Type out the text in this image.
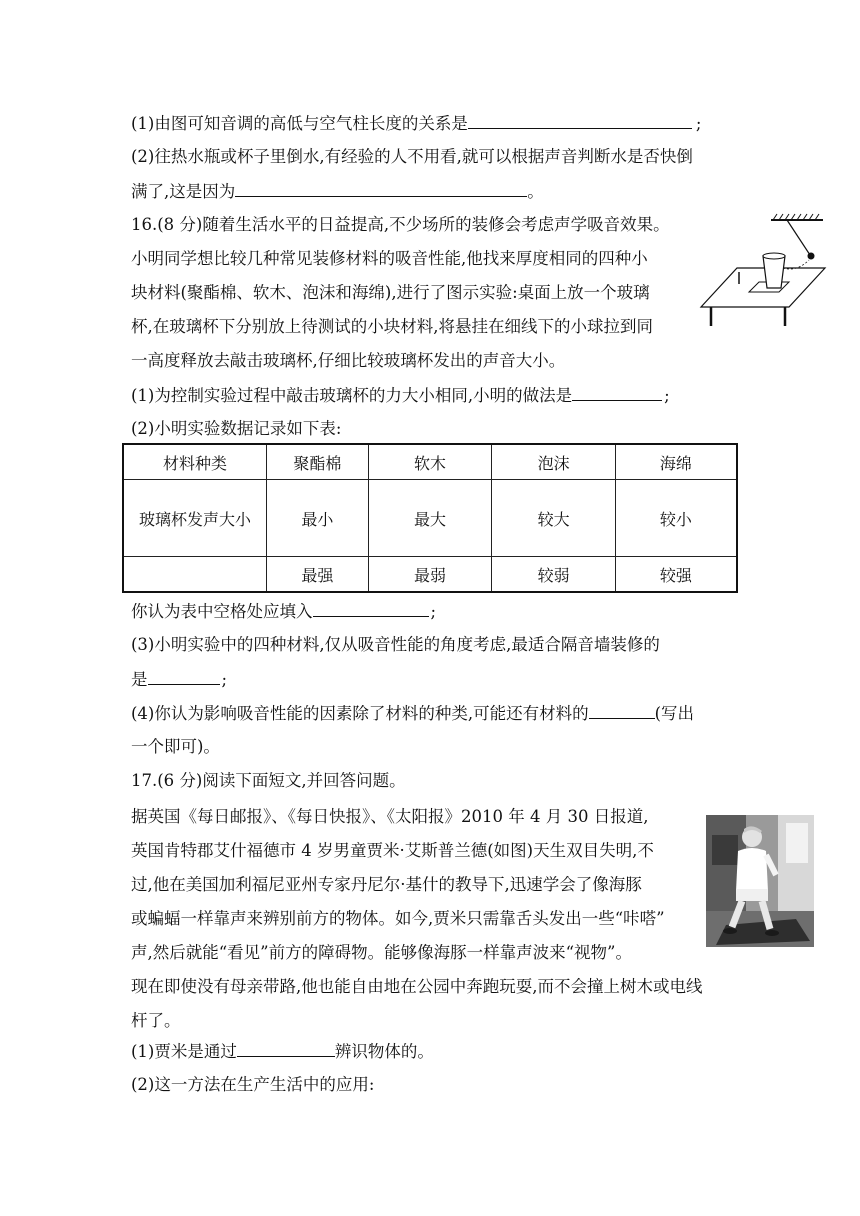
(1)由图可知音调的高低与空气柱长度的关系是	;
(2)往热水瓶或杯子里倒水,有经验的人不用看,就可以根据声音判断水是否快倒
满了,这是因为	。
16.(8 分)随着生活水平的日益提高,不少场所的装修会考虑声学吸音效果。
小明同学想比较几种常见装修材料的吸音性能,他找来厚度相同的四种小
块材料(聚酯棉、软木、泡沫和海绵),进行了图示实验:桌面上放一个玻璃
杯,在玻璃杯下分别放上待测试的小块材料,将悬挂在细线下的小球拉到同
一高度释放去敲击玻璃杯,仔细比较玻璃杯发出的声音大小。
(1)为控制实验过程中敲击玻璃杯的力大小相同,小明的做法是	;
(2)小明实验数据记录如下表:
材料种类	聚酯棉	软木	泡沫	海绵
玻璃杯发声大小	最小	最大	较大	较小
	最强	最弱	较弱	较强
你认为表中空格处应填入	;
(3)小明实验中的四种材料,仅从吸音性能的角度考虑,最适合隔音墙装修的
是	;
(4)你认为影响吸音性能的因素除了材料的种类,可能还有材料的	(写出
一个即可)。
17.(6 分)阅读下面短文,并回答问题。
据英国《每日邮报》、《每日快报》、《太阳报》2010 年 4 月 30 日报道,
英国肯特郡艾什福德市 4 岁男童贾米·艾斯普兰德(如图)天生双目失明,不
过,他在美国加利福尼亚州专家丹尼尔·基什的教导下,迅速学会了像海豚
或蝙蝠一样靠声来辨别前方的物体。如今,贾米只需靠舌头发出一些“咔嗒”
声,然后就能“看见”前方的障碍物。能够像海豚一样靠声波来“视物”。
现在即使没有母亲带路,他也能自由地在公园中奔跑玩耍,而不会撞上树木或电线
杆了。
(1)贾米是通过	辨识物体的。
(2)这一方法在生产生活中的应用:
